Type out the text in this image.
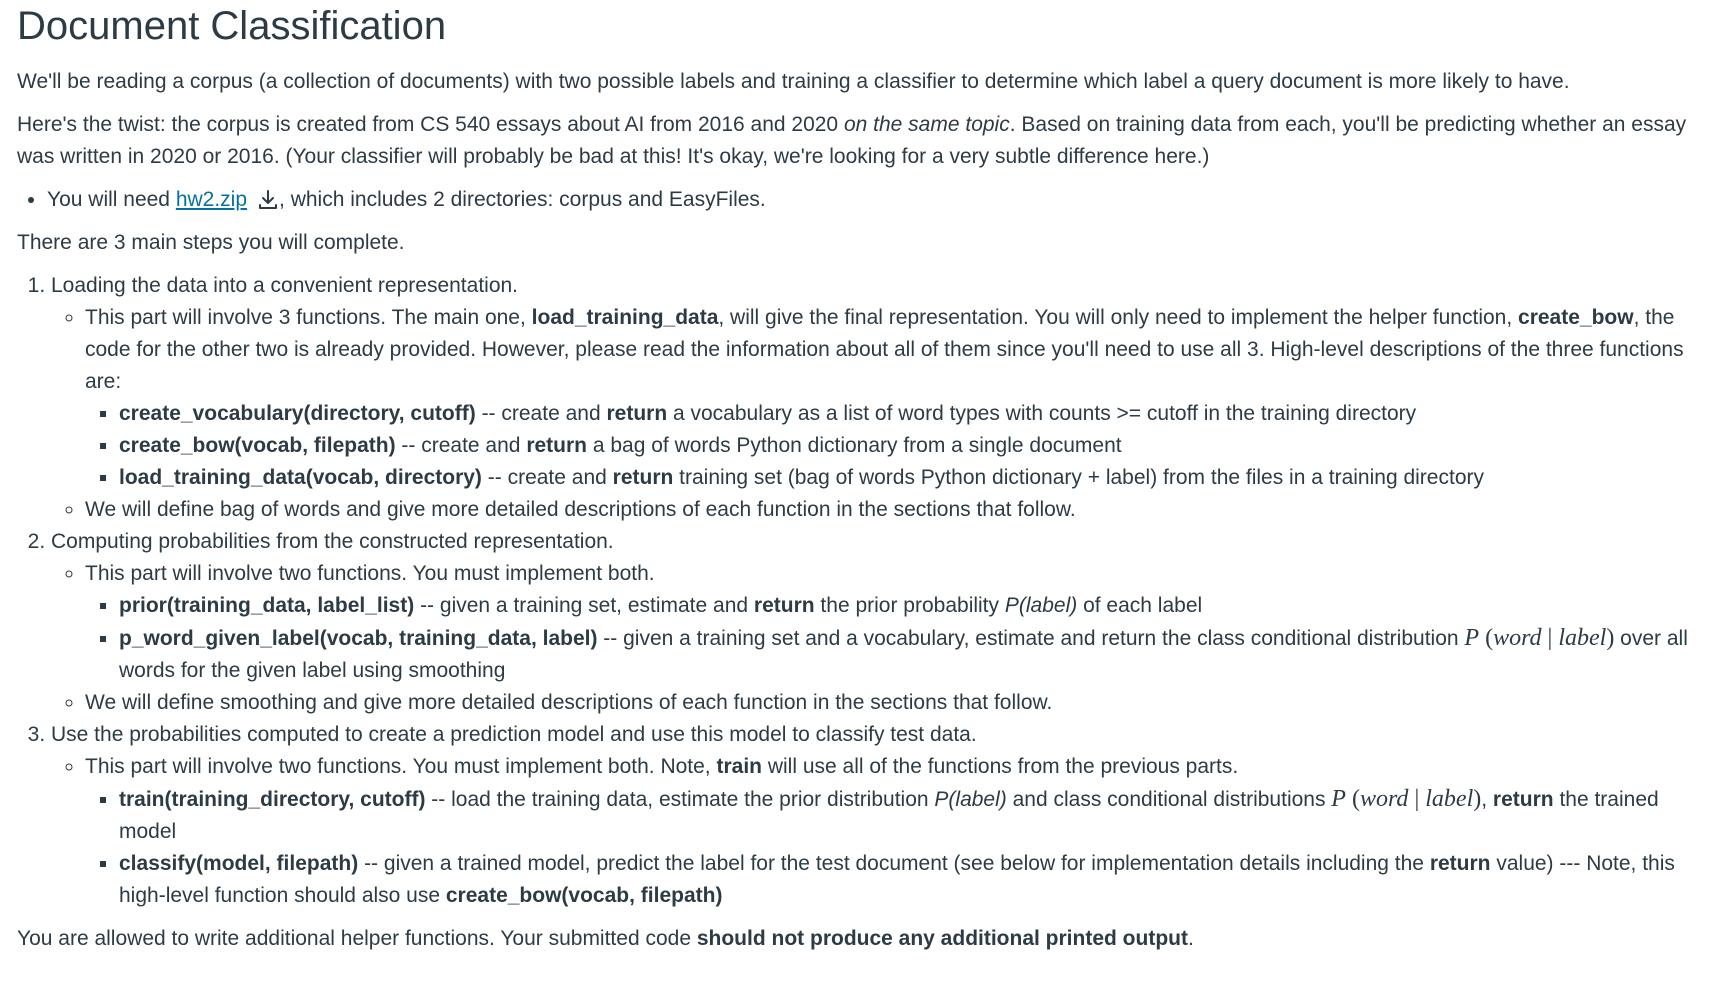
Document Classification

We'll be reading a corpus (a collection of documents) with two possible labels and training a classifier to determine which label a query document is more likely to have.

Here's the twist: the corpus is created from CS 540 essays about AI from 2016 and 2020 on the same topic. Based on training data from each, you'll be predicting whether an essay was written in 2020 or 2016. (Your classifier will probably be bad at this! It's okay, we're looking for a very subtle difference here.)

• You will need hw2.zip , which includes 2 directories: corpus and EasyFiles.

There are 3 main steps you will complete.

1. Loading the data into a convenient representation.
◦ This part will involve 3 functions. The main one, load_training_data, will give the final representation. You will only need to implement the helper function, create_bow, the code for the other two is already provided. However, please read the information about all of them since you'll need to use all 3. High-level descriptions of the three functions are:
▪ create_vocabulary(directory, cutoff) -- create and return a vocabulary as a list of word types with counts >= cutoff in the training directory
▪ create_bow(vocab, filepath) -- create and return a bag of words Python dictionary from a single document
▪ load_training_data(vocab, directory) -- create and return training set (bag of words Python dictionary + label) from the files in a training directory
◦ We will define bag of words and give more detailed descriptions of each function in the sections that follow.
2. Computing probabilities from the constructed representation.
◦ This part will involve two functions. You must implement both.
▪ prior(training_data, label_list) -- given a training set, estimate and return the prior probability P(label) of each label
▪ p_word_given_label(vocab, training_data, label) -- given a training set and a vocabulary, estimate and return the class conditional distribution P (word | label) over all words for the given label using smoothing
◦ We will define smoothing and give more detailed descriptions of each function in the sections that follow.
3. Use the probabilities computed to create a prediction model and use this model to classify test data.
◦ This part will involve two functions. You must implement both. Note, train will use all of the functions from the previous parts.
▪ train(training_directory, cutoff) -- load the training data, estimate the prior distribution P(label) and class conditional distributions P (word | label), return the trained model
▪ classify(model, filepath) -- given a trained model, predict the label for the test document (see below for implementation details including the return value) --- Note, this high-level function should also use create_bow(vocab, filepath)

You are allowed to write additional helper functions. Your submitted code should not produce any additional printed output.
